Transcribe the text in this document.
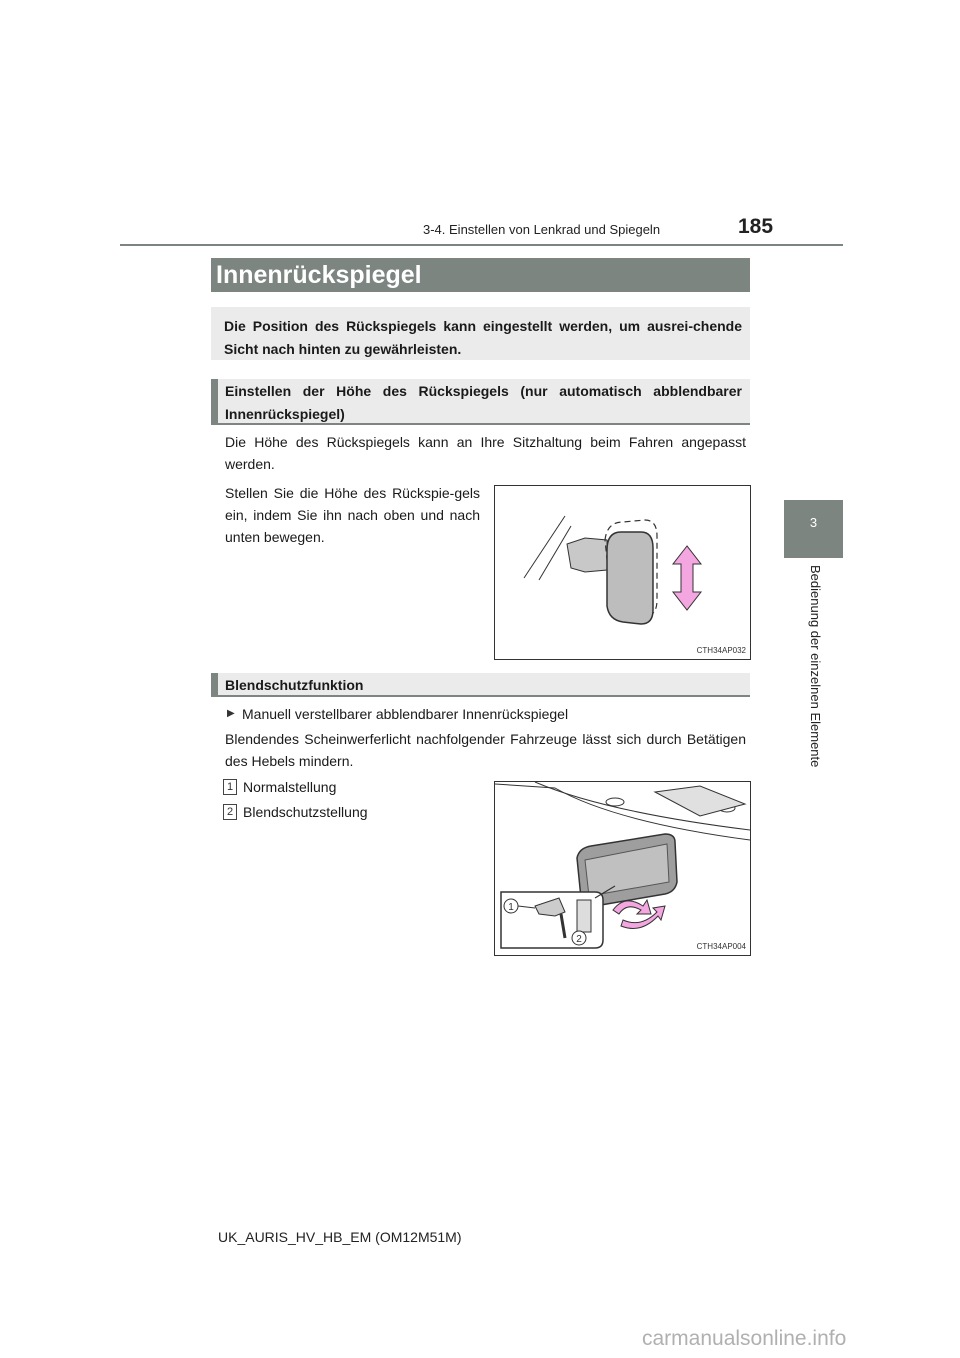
3-4. Einstellen von Lenkrad und Spiegeln	185
3
Bedienung der einzelnen Elemente
Innenrückspiegel
Die Position des Rückspiegels kann eingestellt werden, um ausrei-chende Sicht nach hinten zu gewährleisten.
Einstellen der Höhe des Rückspiegels (nur automatisch abblendbarer Innenrückspiegel)
Die Höhe des Rückspiegels kann an Ihre Sitzhaltung beim Fahren angepasst werden.
Stellen Sie die Höhe des Rückspie-gels ein, indem Sie ihn nach oben und nach unten bewegen.
CTH34AP032
Blendschutzfunktion
▶ Manuell verstellbarer abblendbarer Innenrückspiegel
Blendendes Scheinwerferlicht nachfolgender Fahrzeuge lässt sich durch Betätigen des Hebels mindern.
1 Normalstellung
2 Blendschutzstellung
1
2
CTH34AP004
UK_AURIS_HV_HB_EM (OM12M51M)
carmanualsonline.info
